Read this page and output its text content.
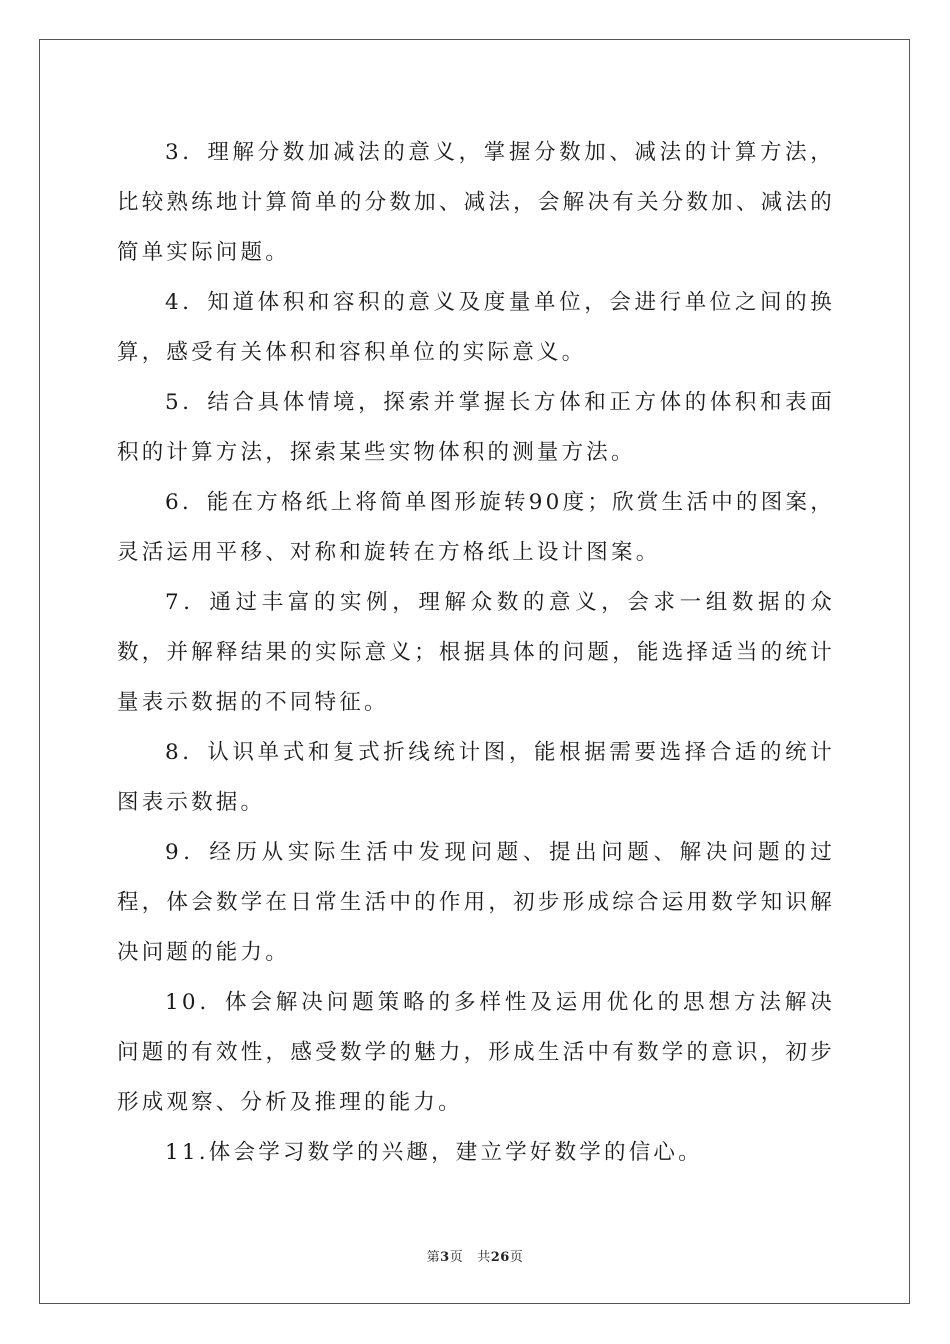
3．理解分数加减法的意义，掌握分数加、减法的计算方法，比较熟练地计算简单的分数加、减法，会解决有关分数加、减法的简单实际问题。

4．知道体积和容积的意义及度量单位，会进行单位之间的换算，感受有关体积和容积单位的实际意义。

5．结合具体情境，探索并掌握长方体和正方体的体积和表面积的计算方法，探索某些实物体积的测量方法。

6．能在方格纸上将简单图形旋转90度；欣赏生活中的图案，灵活运用平移、对称和旋转在方格纸上设计图案。

7．通过丰富的实例，理解众数的意义，会求一组数据的众数，并解释结果的实际意义；根据具体的问题，能选择适当的统计量表示数据的不同特征。

8．认识单式和复式折线统计图，能根据需要选择合适的统计图表示数据。

9．经历从实际生活中发现问题、提出问题、解决问题的过程，体会数学在日常生活中的作用，初步形成综合运用数学知识解决问题的能力。

10．体会解决问题策略的多样性及运用优化的思想方法解决问题的有效性，感受数学的魅力，形成生活中有数学的意识，初步形成观察、分析及推理的能力。

11.体会学习数学的兴趣，建立学好数学的信心。

第3页 共26页
